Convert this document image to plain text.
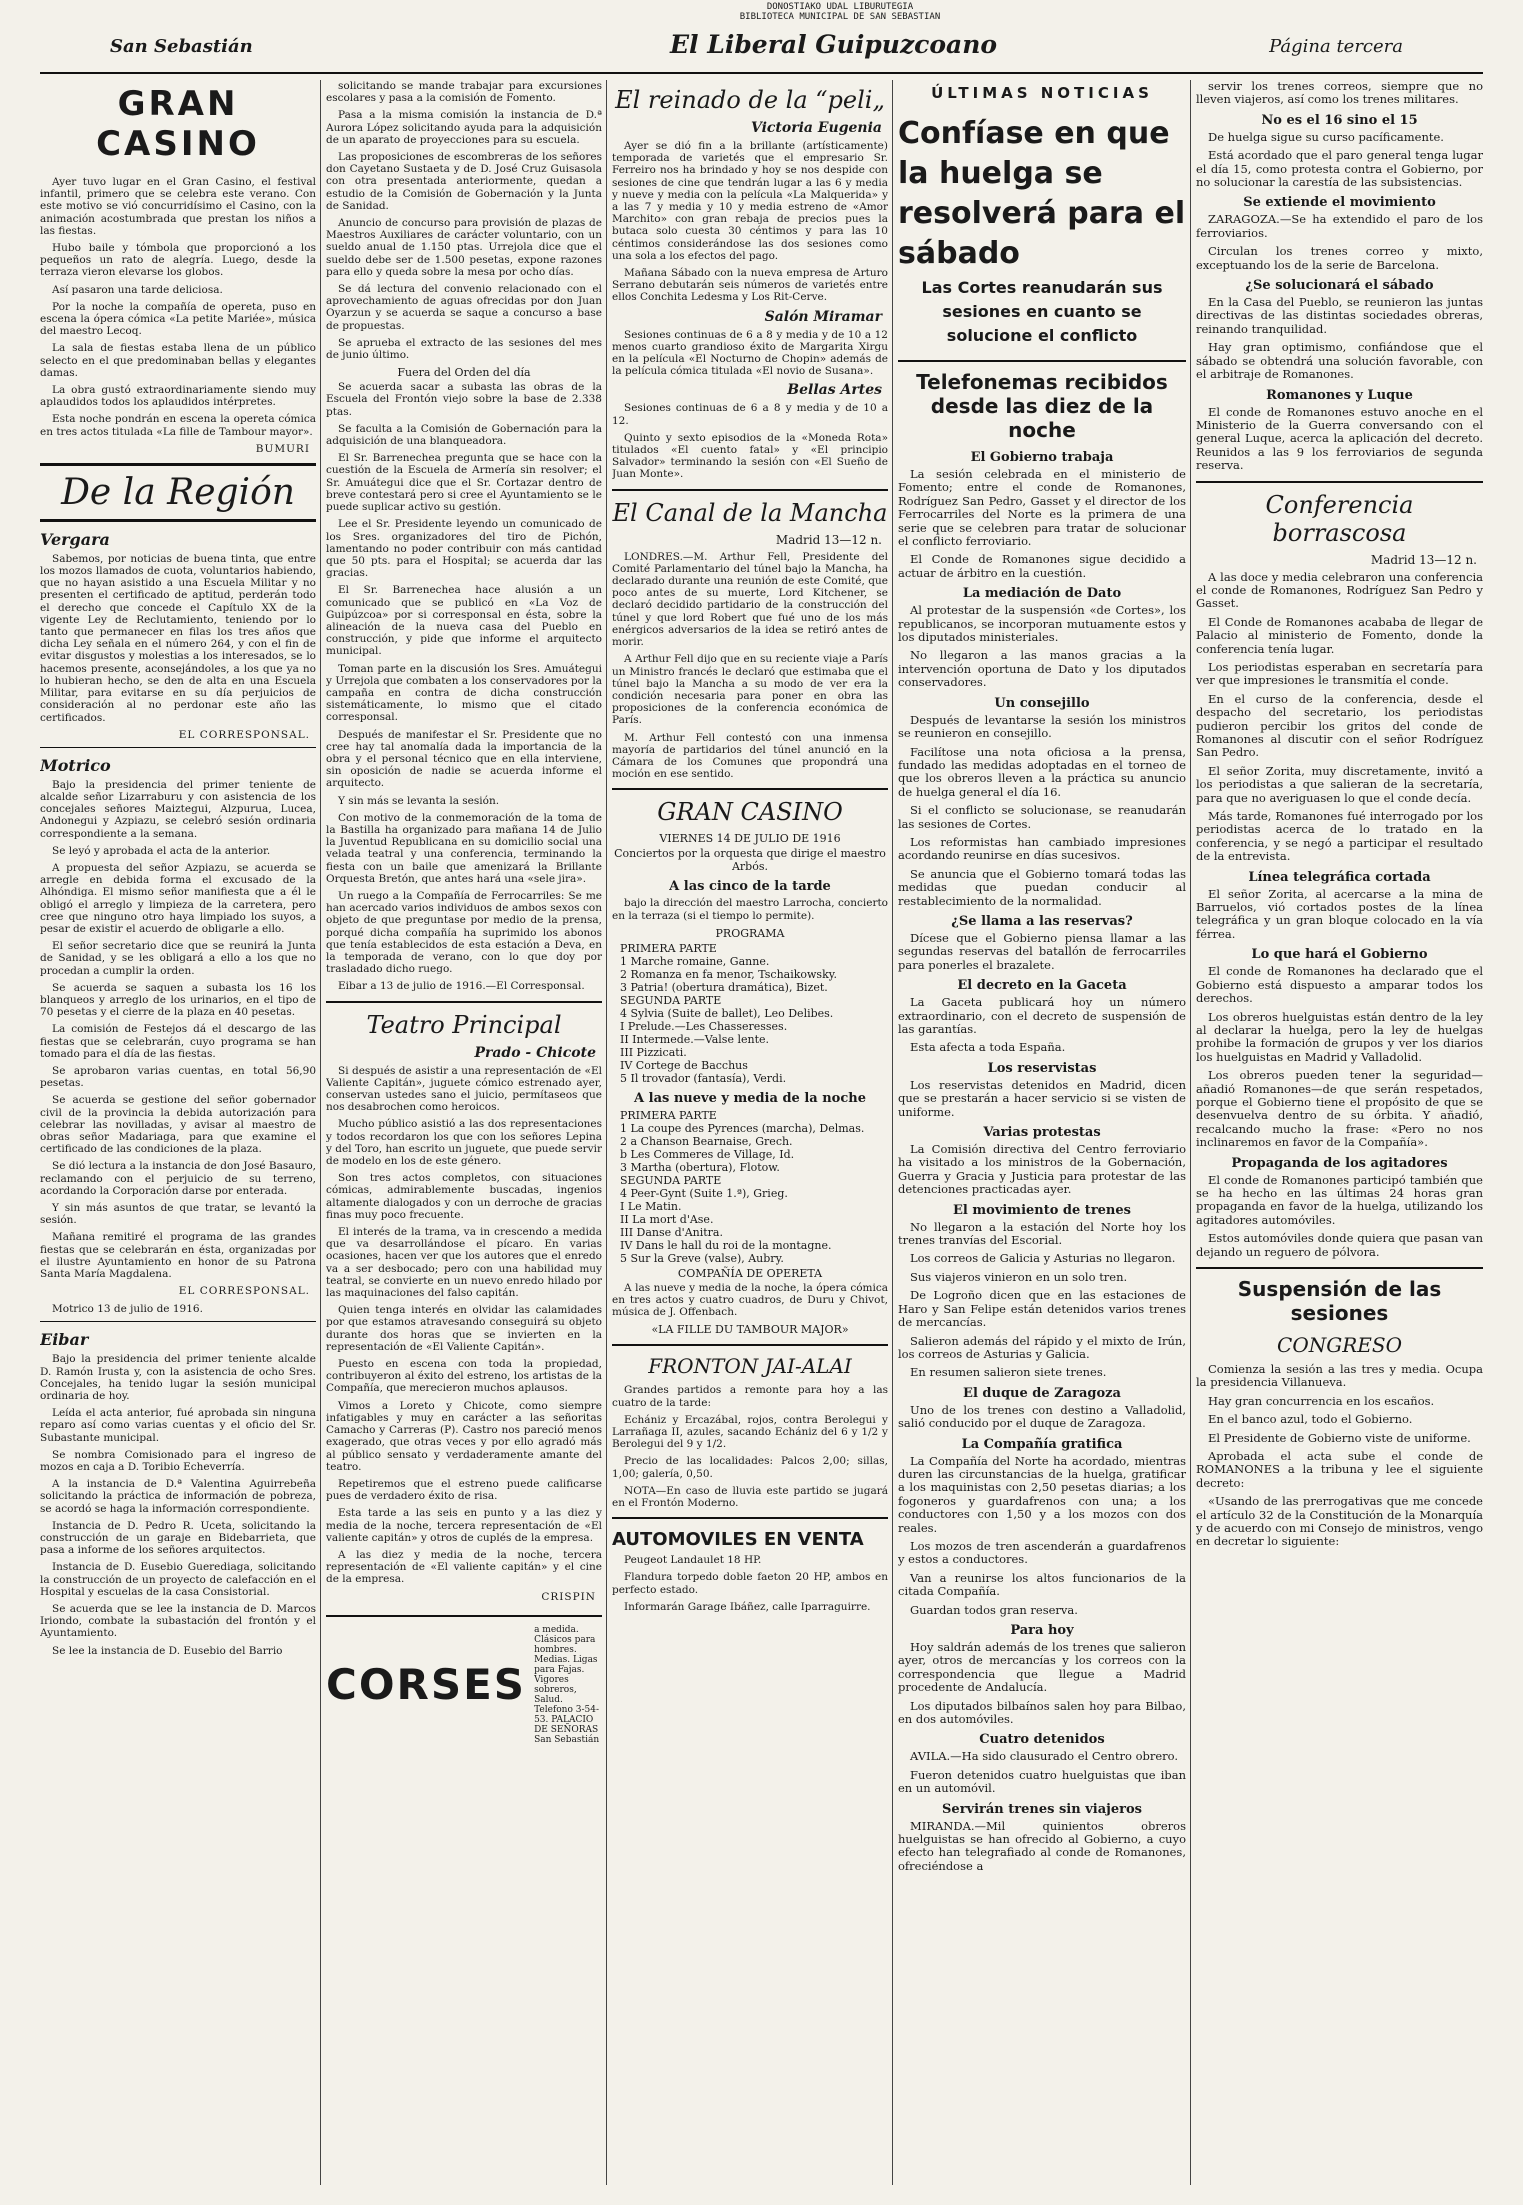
DONOSTIAKO UDAL LIBURUTEGIA
BIBLIOTECA MUNICIPAL DE SAN SEBASTIAN
San Sebastián	El Liberal Guipuzcoano	Página tercera
GRAN CASINO

Ayer tuvo lugar en el Gran Casino, el festival infantil, primero que se celebra este verano. Con este motivo se vió concurridísimo el Casino, con la animación acostumbrada que prestan los niños a las fiestas.

Hubo baile y tómbola que proporcionó a los pequeños un rato de alegría. Luego, desde la terraza vieron elevarse los globos.

Así pasaron una tarde deliciosa.

Por la noche la compañía de opereta, puso en escena la ópera cómica «La petite Mariée», música del maestro Lecoq.

La sala de fiestas estaba llena de un público selecto en el que predominaban bellas y elegantes damas.

La obra gustó extraordinariamente siendo muy aplaudidos todos los aplaudidos intérpretes.

Esta noche pondrán en escena la opereta cómica en tres actos titulada «La fille de Tambour mayor».

BUMURI
De la Región
Vergara

Sabemos, por noticias de buena tinta, que entre los mozos llamados de cuota, voluntarios habiendo, que no hayan asistido a una Escuela Militar y no presenten el certificado de aptitud, perderán todo el derecho que concede el Capítulo XX de la vigente Ley de Reclutamiento, teniendo por lo tanto que permanecer en filas los tres años que dicha Ley señala en el número 264, y con el fin de evitar disgustos y molestias a los interesados, se lo hacemos presente, aconsejándoles, a los que ya no lo hubieran hecho, se den de alta en una Escuela Militar, para evitarse en su día perjuicios de consideración al no perdonar este año las certificados.

EL CORRESPONSAL.
Motrico

Bajo la presidencia del primer teniente de alcalde señor Lizarraburu y con asistencia de los concejales señores Maiztegui, Alzpurua, Lucea, Andonegui y Azpiazu, se celebró sesión ordinaria correspondiente a la semana.

Se leyó y aprobada el acta de la anterior.

A propuesta del señor Azpiazu, se acuerda se arregle en debida forma el excusado de la Alhóndiga. El mismo señor manifiesta que a él le obligó el arreglo y limpieza de la carretera, pero cree que ninguno otro haya limpiado los suyos, a pesar de existir el acuerdo de obligarle a ello.

El señor secretario dice que se reunirá la Junta de Sanidad, y se les obligará a ello a los que no procedan a cumplir la orden.

Se acuerda se saquen a subasta los 16 los blanqueos y arreglo de los urinarios, en el tipo de 70 pesetas y el cierre de la plaza en 40 pesetas.

La comisión de Festejos dá el descargo de las fiestas que se celebrarán, cuyo programa se han tomado para el día de las fiestas.

Se aprobaron varias cuentas, en total 56,90 pesetas.

Se acuerda se gestione del señor gobernador civil de la provincia la debida autorización para celebrar las novilladas, y avisar al maestro de obras señor Madariaga, para que examine el certificado de las condiciones de la plaza.

Se dió lectura a la instancia de don José Basauro, reclamando con el perjuicio de su terreno, acordando la Corporación darse por enterada.

Y sin más asuntos de que tratar, se levantó la sesión.

Mañana remitiré el programa de las grandes fiestas que se celebrarán en ésta, organizadas por el ilustre Ayuntamiento en honor de su Patrona Santa María Magdalena.

EL CORRESPONSAL.

Motrico 13 de julio de 1916.

Eibar

Bajo la presidencia del primer teniente alcalde D. Ramón Irusta y, con la asistencia de ocho Sres. Concejales, ha tenido lugar la sesión municipal ordinaria de hoy.

Leída el acta anterior, fué aprobada sin ninguna reparo así como varias cuentas y el oficio del Sr. Subastante municipal.

Se nombra Comisionado para el ingreso de mozos en caja a D. Toribio Echeverría.

A la instancia de D.ª Valentina Aguirrebeña solicitando la práctica de información de pobreza, se acordó se haga la información correspondiente.

Instancia de D. Pedro R. Uceta, solicitando la construcción de un garaje en Bidebarrieta, que pasa a informe de los señores arquitectos.

Instancia de D. Eusebio Guerediaga, solicitando la construcción de un proyecto de calefacción en el Hospital y escuelas de la casa Consistorial.

Se acuerda que se lee la instancia de D. Marcos Iriondo, combate la subastación del frontón y el Ayuntamiento.

Se lee la instancia de D. Eusebio del Barrio

solicitando se mande trabajar para excursiones escolares y pasa a la comisión de Fomento.

Pasa a la misma comisión la instancia de D.ª Aurora López solicitando ayuda para la adquisición de un aparato de proyecciones para su escuela.

Las proposiciones de escombreras de los señores don Cayetano Sustaeta y de D. José Cruz Guisasola con otra presentada anteriormente, quedan a estudio de la Comisión de Gobernación y la Junta de Sanidad.

Anuncio de concurso para provisión de plazas de Maestros Auxiliares de carácter voluntario, con un sueldo anual de 1.150 ptas. Urrejola dice que el sueldo debe ser de 1.500 pesetas, expone razones para ello y queda sobre la mesa por ocho días.

Se dá lectura del convenio relacionado con el aprovechamiento de aguas ofrecidas por don Juan Oyarzun y se acuerda se saque a concurso a base de propuestas.

Se aprueba el extracto de las sesiones del mes de junio último.

Fuera del Orden del día

Se acuerda sacar a subasta las obras de la Escuela del Frontón viejo sobre la base de 2.338 ptas.

Se faculta a la Comisión de Gobernación para la adquisición de una blanqueadora.

El Sr. Barrenechea pregunta que se hace con la cuestión de la Escuela de Armería sin resolver; el Sr. Amuátegui dice que el Sr. Cortazar dentro de breve contestará pero si cree el Ayuntamiento se le puede suplicar activo su gestión.

Lee el Sr. Presidente leyendo un comunicado de los Sres. organizadores del tiro de Pichón, lamentando no poder contribuir con más cantidad que 50 pts. para el Hospital; se acuerda dar las gracias.

El Sr. Barrenechea hace alusión a un comunicado que se publicó en «La Voz de Guipúzcoa» por si corresponsal en ésta, sobre la alineación de la nueva casa del Pueblo en construcción, y pide que informe el arquitecto municipal.

Toman parte en la discusión los Sres. Amuátegui y Urrejola que combaten a los conservadores por la campaña en contra de dicha construcción sistemáticamente, lo mismo que el citado corresponsal.

Después de manifestar el Sr. Presidente que no cree hay tal anomalía dada la importancia de la obra y el personal técnico que en ella interviene, sin oposición de nadie se acuerda informe el arquitecto.

Y sin más se levanta la sesión.

Con motivo de la conmemoración de la toma de la Bastilla ha organizado para mañana 14 de Julio la Juventud Republicana en su domicilio social una velada teatral y una conferencia, terminando la fiesta con un baile que amenizará la Brillante Orquesta Bretón, que antes hará una «sele jira».

Un ruego a la Compañía de Ferrocarriles: Se me han acercado varios individuos de ambos sexos con objeto de que preguntase por medio de la prensa, porqué dicha compañía ha suprimido los abonos que tenía establecidos de esta estación a Deva, en la temporada de verano, con lo que doy por trasladado dicho ruego.

Eibar a 13 de julio de 1916.—El Corresponsal.

Teatro Principal
Prado - Chicote

Si después de asistir a una representación de «El Valiente Capitán», juguete cómico estrenado ayer, conservan ustedes sano el juicio, permítaseos que nos desabrochen como heroicos.

Mucho público asistió a las dos representaciones y todos recordaron los que con los señores Lepina y del Toro, han escrito un juguete, que puede servir de modelo en los de este género.

Son tres actos completos, con situaciones cómicas, admirablemente buscadas, ingenios altamente dialogados y con un derroche de gracias finas muy poco frecuente.

El interés de la trama, va in crescendo a medida que va desarrollándose el pícaro. En varias ocasiones, hacen ver que los autores que el enredo va a ser desbocado; pero con una habilidad muy teatral, se convierte en un nuevo enredo hilado por las maquinaciones del falso capitán.

Quien tenga interés en olvidar las calamidades por que estamos atravesando conseguirá su objeto durante dos horas que se invierten en la representación de «El Valiente Capitán».

Puesto en escena con toda la propiedad, contribuyeron al éxito del estreno, los artistas de la Compañía, que merecieron muchos aplausos.

Vimos a Loreto y Chicote, como siempre infatigables y muy en carácter a las señoritas Camacho y Carreras (P). Castro nos pareció menos exagerado, que otras veces y por ello agradó más al público sensato y verdaderamente amante del teatro.

Repetiremos que el estreno puede calificarse pues de verdadero éxito de risa.

Esta tarde a las seis en punto y a las diez y media de la noche, tercera representación de «El valiente capitán» y otros de cuplés de la empresa.

A las diez y media de la noche, tercera representación de «El valiente capitán» y el cine de la empresa.

CRISPIN
CORSES
a medida. Clásicos para hombres. Medias. Ligas para Fajas. Vigores sobreros, Salud. Telefono 3-54-53. PALACIO DE SEÑORAS San Sebastián
El reinado de la “peli„
Victoria Eugenia

Ayer se dió fin a la brillante (artísticamente) temporada de varietés que el empresario Sr. Ferreiro nos ha brindado y hoy se nos despide con sesiones de cine que tendrán lugar a las 6 y media y nueve y media con la película «La Malquerida» y a las 7 y media y 10 y media estreno de «Amor Marchito» con gran rebaja de precios pues la butaca solo cuesta 30 céntimos y para las 10 céntimos considerándose las dos sesiones como una sola a los efectos del pago.

Mañana Sábado con la nueva empresa de Arturo Serrano debutarán seis números de varietés entre ellos Conchita Ledesma y Los Rit-Cerve.

Salón Miramar

Sesiones continuas de 6 a 8 y media y de 10 a 12 menos cuarto grandioso éxito de Margarita Xirgu en la película «El Nocturno de Chopin» además de la película cómica titulada «El novio de Susana».

Bellas Artes

Sesiones continuas de 6 a 8 y media y de 10 a 12.

Quinto y sexto episodios de la «Moneda Rota» titulados «El cuento fatal» y «El principio Salvador» terminando la sesión con «El Sueño de Juan Monte».

El Canal de la Mancha
Madrid 13—12 n.

LONDRES.—M. Arthur Fell, Presidente del Comité Parlamentario del túnel bajo la Mancha, ha declarado durante una reunión de este Comité, que poco antes de su muerte, Lord Kitchener, se declaró decidido partidario de la construcción del túnel y que lord Robert que fué uno de los más enérgicos adversarios de la idea se retiró antes de morir.

A Arthur Fell dijo que en su reciente viaje a París un Ministro francés le declaró que estimaba que el túnel bajo la Mancha a su modo de ver era la condición necesaria para poner en obra las proposiciones de la conferencia económica de París.

M. Arthur Fell contestó con una inmensa mayoría de partidarios del túnel anunció en la Cámara de los Comunes que propondrá una moción en ese sentido.

GRAN CASINO
VIERNES 14 DE JULIO DE 1916
Conciertos por la orquesta que dirige el maestro Arbós.
A las cinco de la tarde

bajo la dirección del maestro Larrocha, concierto en la terraza (si el tiempo lo permite).

PROGRAMA
PRIMERA PARTE
1 Marche romaine, Ganne.
2 Romanza en fa menor, Tschaikowsky.
3 Patria! (obertura dramática), Bizet.
SEGUNDA PARTE
4 Sylvia (Suite de ballet), Leo Delibes.
I Prelude.—Les Chasseresses.
II Intermede.—Valse lente.
III Pizzicati.
IV Cortege de Bacchus
5 Il trovador (fantasía), Verdi.
A las nueve y media de la noche
PRIMERA PARTE
1 La coupe des Pyrences (marcha), Delmas.
2 a Chanson Bearnaise, Grech.
b Les Commeres de Village, Id.
3 Martha (obertura), Flotow.
SEGUNDA PARTE
4 Peer-Gynt (Suite 1.ª), Grieg.
I Le Matin.
II La mort d'Ase.
III Danse d'Anitra.
IV Dans le hall du roi de la montagne.
5 Sur la Greve (valse), Aubry.
COMPAÑÍA DE OPERETA

A las nueve y media de la noche, la ópera cómica en tres actos y cuatro cuadros, de Duru y Chivot, música de J. Offenbach.

«LA FILLE DU TAMBOUR MAJOR»
FRONTON JAI-ALAI

Grandes partidos a remonte para hoy a las cuatro de la tarde:

Echániz y Ercazábal, rojos, contra Berolegui y Larrañaga II, azules, sacando Echániz del 6 y 1/2 y Berolegui del 9 y 1/2.

Precio de las localidades: Palcos 2,00; sillas, 1,00; galería, 0,50.

NOTA—En caso de lluvia este partido se jugará en el Frontón Moderno.

AUTOMOVILES EN VENTA

Peugeot Landaulet 18 HP.

Flandura torpedo doble faeton 20 HP, ambos en perfecto estado.

Informarán Garage Ibáñez, calle Iparraguirre.

ÚLTIMAS NOTICIAS
Confíase en que la huelga se resolverá para el sábado
Las Cortes reanudarán sus sesiones en cuanto se solucione el conflicto
Telefonemas recibidos desde las diez de la noche
El Gobierno trabaja

La sesión celebrada en el ministerio de Fomento; entre el conde de Romanones, Rodríguez San Pedro, Gasset y el director de los Ferrocarriles del Norte es la primera de una serie que se celebren para tratar de solucionar el conflicto ferroviario.

El Conde de Romanones sigue decidido a actuar de árbitro en la cuestión.

La mediación de Dato

Al protestar de la suspensión «de Cortes», los republicanos, se incorporan mutuamente estos y los diputados ministeriales.

No llegaron a las manos gracias a la intervención oportuna de Dato y los diputados conservadores.

Un consejillo

Después de levantarse la sesión los ministros se reunieron en consejillo.

Facilítose una nota oficiosa a la prensa, fundado las medidas adoptadas en el torneo de que los obreros lleven a la práctica su anuncio de huelga general el día 16.

Si el conflicto se solucionase, se reanudarán las sesiones de Cortes.

Los reformistas han cambiado impresiones acordando reunirse en días sucesivos.

Se anuncia que el Gobierno tomará todas las medidas que puedan conducir al restablecimiento de la normalidad.

¿Se llama a las reservas?

Dícese que el Gobierno piensa llamar a las segundas reservas del batallón de ferrocarriles para ponerles el brazalete.

El decreto en la Gaceta

La Gaceta publicará hoy un número extraordinario, con el decreto de suspensión de las garantías.

Esta afecta a toda España.

Los reservistas

Los reservistas detenidos en Madrid, dicen que se prestarán a hacer servicio si se visten de uniforme.

Varias protestas

La Comisión directiva del Centro ferroviario ha visitado a los ministros de la Gobernación, Guerra y Gracia y Justicia para protestar de las detenciones practicadas ayer.

El movimiento de trenes

No llegaron a la estación del Norte hoy los trenes tranvías del Escorial.

Los correos de Galicia y Asturias no llegaron.

Sus viajeros vinieron en un solo tren.

De Logroño dicen que en las estaciones de Haro y San Felipe están detenidos varios trenes de mercancías.

Salieron además del rápido y el mixto de Irún, los correos de Asturias y Galicia.

En resumen salieron siete trenes.

El duque de Zaragoza

Uno de los trenes con destino a Valladolid, salió conducido por el duque de Zaragoza.

La Compañía gratifica

La Compañía del Norte ha acordado, mientras duren las circunstancias de la huelga, gratificar a los maquinistas con 2,50 pesetas diarias; a los fogoneros y guardafrenos con una; a los conductores con 1,50 y a los mozos con dos reales.

Los mozos de tren ascenderán a guardafrenos y estos a conductores.

Van a reunirse los altos funcionarios de la citada Compañía.

Guardan todos gran reserva.

Para hoy

Hoy saldrán además de los trenes que salieron ayer, otros de mercancías y los correos con la correspondencia que llegue a Madrid procedente de Andalucía.

Los diputados bilbaínos salen hoy para Bilbao, en dos automóviles.

Cuatro detenidos

AVILA.—Ha sido clausurado el Centro obrero.

Fueron detenidos cuatro huelguistas que iban en un automóvil.

Servirán trenes sin viajeros

MIRANDA.—Mil quinientos obreros huelguistas se han ofrecido al Gobierno, a cuyo efecto han telegrafiado al conde de Romanones, ofreciéndose a

servir los trenes correos, siempre que no lleven viajeros, así como los trenes militares.

No es el 16 sino el 15

De huelga sigue su curso pacíficamente.

Está acordado que el paro general tenga lugar el día 15, como protesta contra el Gobierno, por no solucionar la carestía de las subsistencias.

Se extiende el movimiento

ZARAGOZA.—Se ha extendido el paro de los ferroviarios.

Circulan los trenes correo y mixto, exceptuando los de la serie de Barcelona.

¿Se solucionará el sábado

En la Casa del Pueblo, se reunieron las juntas directivas de las distintas sociedades obreras, reinando tranquilidad.

Hay gran optimismo, confiándose que el sábado se obtendrá una solución favorable, con el arbitraje de Romanones.

Romanones y Luque

El conde de Romanones estuvo anoche en el Ministerio de la Guerra conversando con el general Luque, acerca la aplicación del decreto. Reunidos a las 9 los ferroviarios de segunda reserva.

Conferencia borrascosa
Madrid 13—12 n.

A las doce y media celebraron una conferencia el conde de Romanones, Rodríguez San Pedro y Gasset.

El Conde de Romanones acababa de llegar de Palacio al ministerio de Fomento, donde la conferencia tenía lugar.

Los periodistas esperaban en secretaría para ver que impresiones le transmitía el conde.

En el curso de la conferencia, desde el despacho del secretario, los periodistas pudieron percibir los gritos del conde de Romanones al discutir con el señor Rodríguez San Pedro.

El señor Zorita, muy discretamente, invitó a los periodistas a que salieran de la secretaría, para que no averiguasen lo que el conde decía.

Más tarde, Romanones fué interrogado por los periodistas acerca de lo tratado en la conferencia, y se negó a participar el resultado de la entrevista.

Línea telegráfica cortada

El señor Zorita, al acercarse a la mina de Barruelos, vió cortados postes de la línea telegráfica y un gran bloque colocado en la vía férrea.

Lo que hará el Gobierno

El conde de Romanones ha declarado que el Gobierno está dispuesto a amparar todos los derechos.

Los obreros huelguistas están dentro de la ley al declarar la huelga, pero la ley de huelgas prohibe la formación de grupos y ver los diarios los huelguistas en Madrid y Valladolid.

Los obreros pueden tener la seguridad—añadió Romanones—de que serán respetados, porque el Gobierno tiene el propósito de que se desenvuelva dentro de su órbita. Y añadió, recalcando mucho la frase: «Pero no nos inclinaremos en favor de la Compañía».

Propaganda de los agitadores

El conde de Romanones participó también que se ha hecho en las últimas 24 horas gran propaganda en favor de la huelga, utilizando los agitadores automóviles.

Estos automóviles donde quiera que pasan van dejando un reguero de pólvora.

Suspensión de las sesiones
CONGRESO

Comienza la sesión a las tres y media. Ocupa la presidencia Villanueva.

Hay gran concurrencia en los escaños.

En el banco azul, todo el Gobierno.

El Presidente de Gobierno viste de uniforme.

Aprobada el acta sube el conde de ROMANONES a la tribuna y lee el siguiente decreto:

«Usando de las prerrogativas que me concede el artículo 32 de la Constitución de la Monarquía y de acuerdo con mi Consejo de ministros, vengo en decretar lo siguiente:
